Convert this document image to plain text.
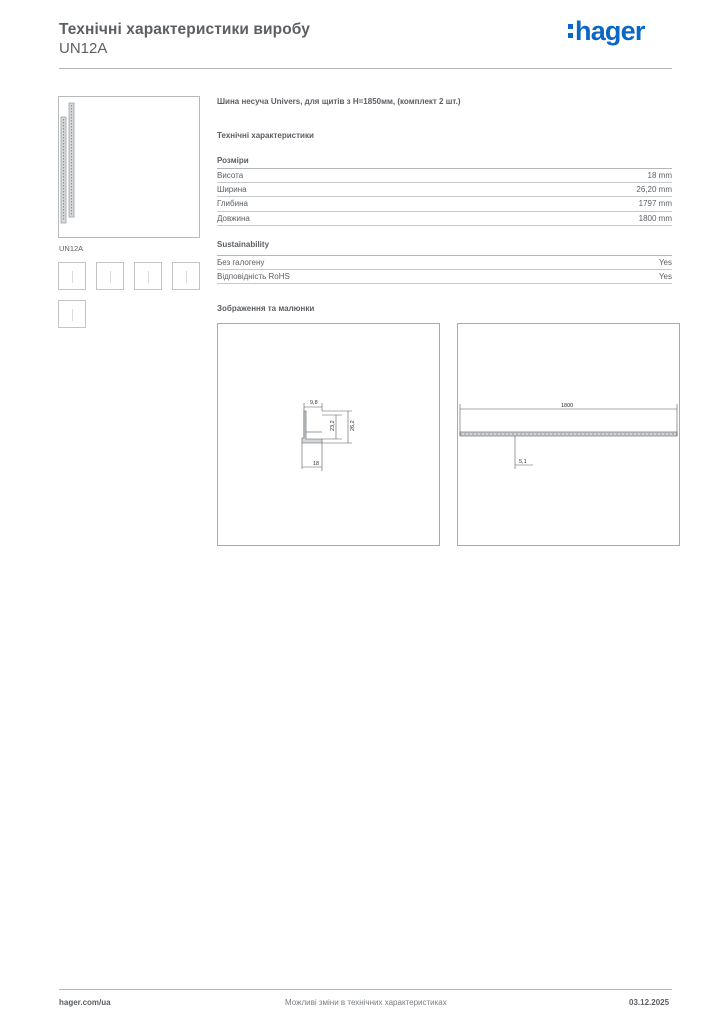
Технічні характеристики виробу
UN12A
hager
UN12A
Шина несуча Univers, для щитів з H=1850мм, (комплект 2 шт.)
Технічні характеристики
Розміри
Висота	18 mm
Ширина	26,20 mm
Глибина	1797 mm
Довжина	1800 mm
Sustainability
Без галогену	Yes
Відповідність RoHS	Yes
Зображення та малюнки
9,8
23,2	26,2
18
1800
5,1
hager.com/ua	Можливі зміни в технічних характеристиках	03.12.2025
